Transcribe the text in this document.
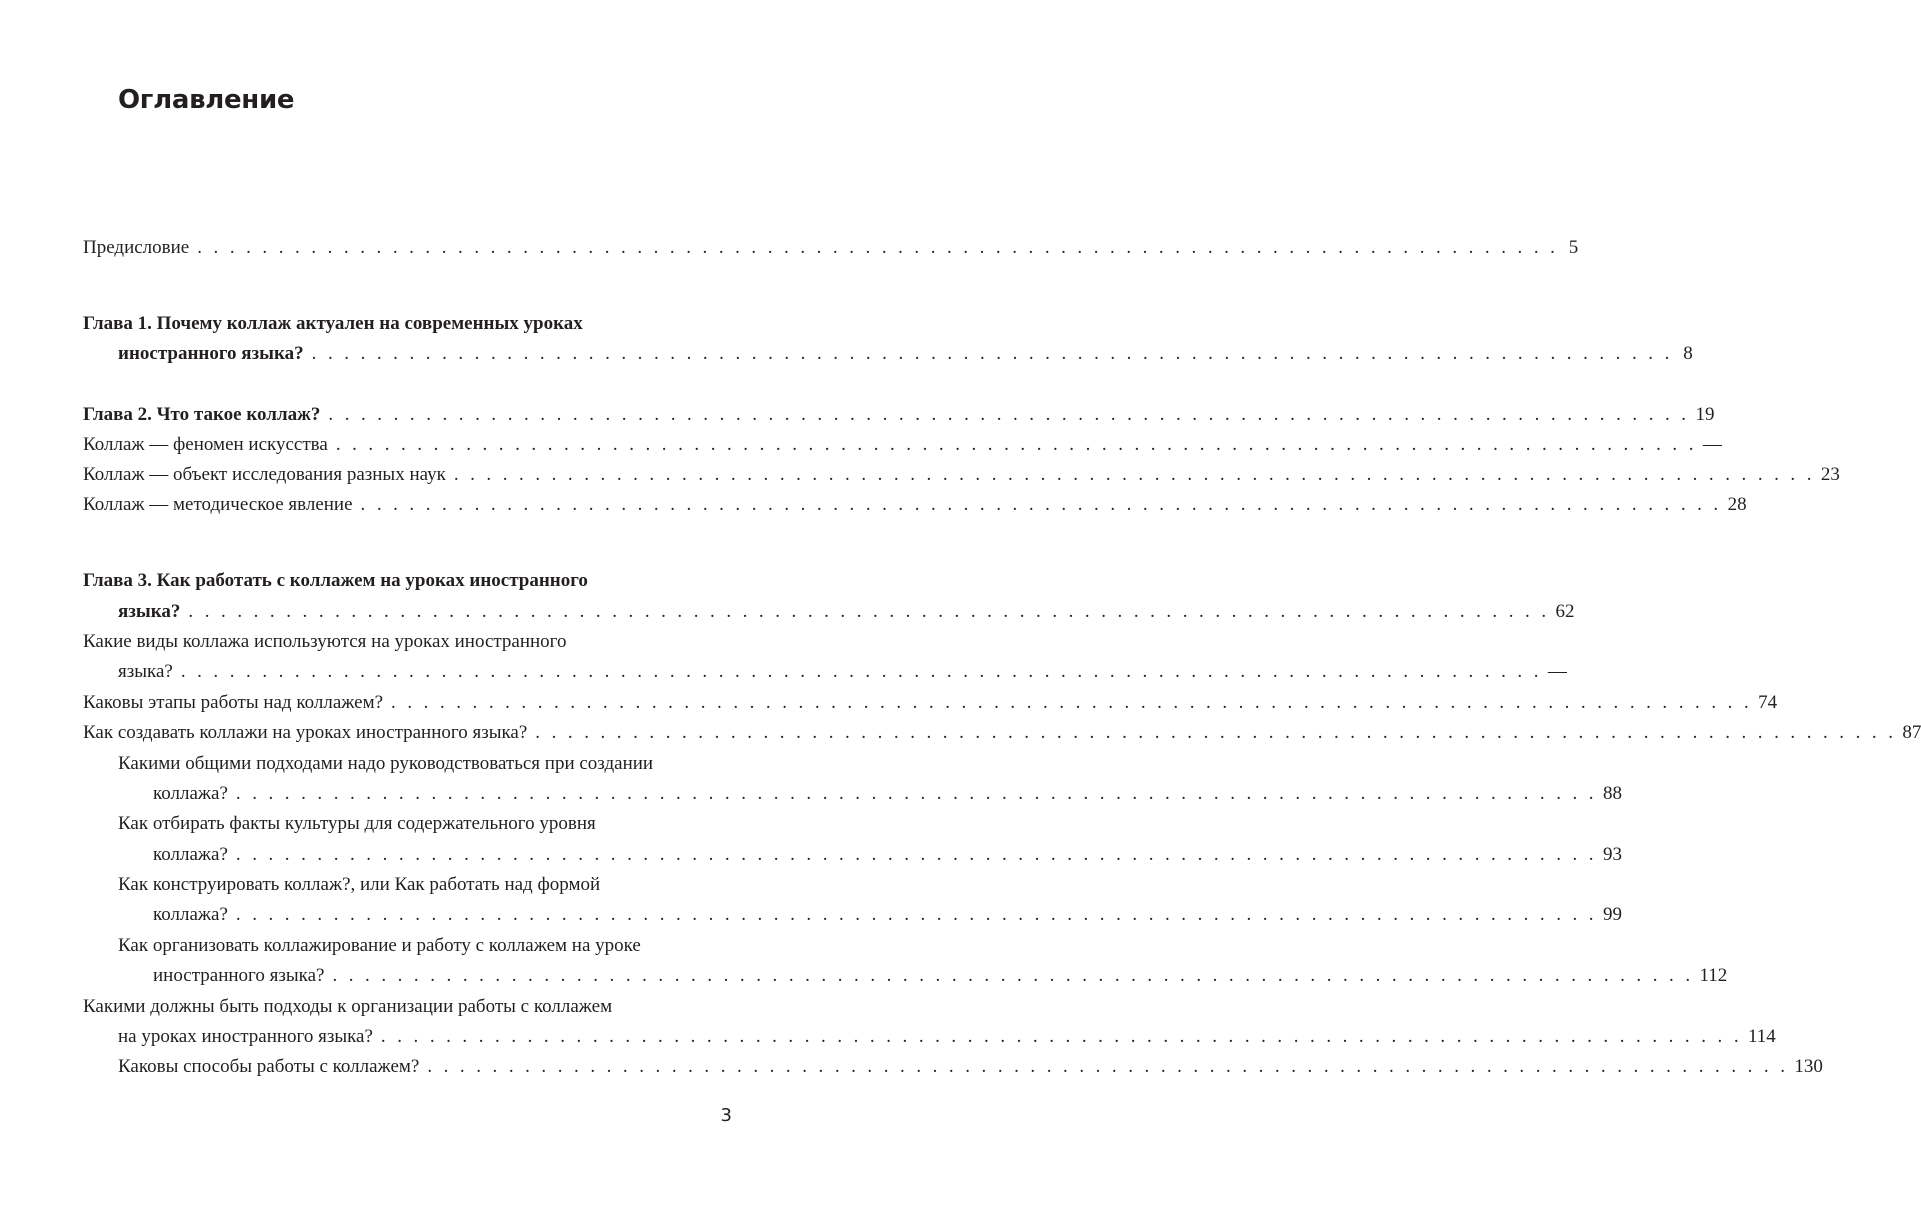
Оглавление
Предисловие . . . . . . . . . . . . . . . . . . . . . . . . . . . . . . . . . . . . . . . . . . . . . . . . . . . . . . . . . . . . . . . . . . . . . . . . . . . . . . . . . . . . 5
Глава 1. Почему коллаж актуален на современных уроках
иностранного языка? . . . . . . . . . . . . . . . . . . . . . . . . . . . . . . . . . . . . . . . . . . . . . . . . . . . . . . . . . . . . . . . . . . . . . . . . . . . . . . . . . . . . 8
Глава 2. Что такое коллаж? . . . . . . . . . . . . . . . . . . . . . . . . . . . . . . . . . . . . . . . . . . . . . . . . . . . . . . . . . . . . . . . . . . . . . . . . . . . . . . . . . . . . 19
Коллаж — феномен искусства . . . . . . . . . . . . . . . . . . . . . . . . . . . . . . . . . . . . . . . . . . . . . . . . . . . . . . . . . . . . . . . . . . . . . . . . . . . . . . . . . . . . —
Коллаж — объект исследования разных наук . . . . . . . . . . . . . . . . . . . . . . . . . . . . . . . . . . . . . . . . . . . . . . . . . . . . . . . . . . . . . . . . . . . . . . . . . . . . . . . . . . . . 23
Коллаж — методическое явление . . . . . . . . . . . . . . . . . . . . . . . . . . . . . . . . . . . . . . . . . . . . . . . . . . . . . . . . . . . . . . . . . . . . . . . . . . . . . . . . . . . . 28
Глава 3. Как работать с коллажем на уроках иностранного
языка? . . . . . . . . . . . . . . . . . . . . . . . . . . . . . . . . . . . . . . . . . . . . . . . . . . . . . . . . . . . . . . . . . . . . . . . . . . . . . . . . . . . . 62
Какие виды коллажа используются на уроках иностранного
языка? . . . . . . . . . . . . . . . . . . . . . . . . . . . . . . . . . . . . . . . . . . . . . . . . . . . . . . . . . . . . . . . . . . . . . . . . . . . . . . . . . . . . —
Каковы этапы работы над коллажем? . . . . . . . . . . . . . . . . . . . . . . . . . . . . . . . . . . . . . . . . . . . . . . . . . . . . . . . . . . . . . . . . . . . . . . . . . . . . . . . . . . . . 74
Как создавать коллажи на уроках иностранного языка? . . . . . . . . . . . . . . . . . . . . . . . . . . . . . . . . . . . . . . . . . . . . . . . . . . . . . . . . . . . . . . . . . . . . . . . . . . . . . . . . . . . . 87
Какими общими подходами надо руководствоваться при создании
коллажа? . . . . . . . . . . . . . . . . . . . . . . . . . . . . . . . . . . . . . . . . . . . . . . . . . . . . . . . . . . . . . . . . . . . . . . . . . . . . . . . . . . . . 88
Как отбирать факты культуры для содержательного уровня
коллажа? . . . . . . . . . . . . . . . . . . . . . . . . . . . . . . . . . . . . . . . . . . . . . . . . . . . . . . . . . . . . . . . . . . . . . . . . . . . . . . . . . . . . 93
Как конструировать коллаж?, или Как работать над формой
коллажа? . . . . . . . . . . . . . . . . . . . . . . . . . . . . . . . . . . . . . . . . . . . . . . . . . . . . . . . . . . . . . . . . . . . . . . . . . . . . . . . . . . . . 99
Как организовать коллажирование и работу с коллажем на уроке
иностранного языка? . . . . . . . . . . . . . . . . . . . . . . . . . . . . . . . . . . . . . . . . . . . . . . . . . . . . . . . . . . . . . . . . . . . . . . . . . . . . . . . . . . . . 112
Какими должны быть подходы к организации работы с коллажем
на уроках иностранного языка? . . . . . . . . . . . . . . . . . . . . . . . . . . . . . . . . . . . . . . . . . . . . . . . . . . . . . . . . . . . . . . . . . . . . . . . . . . . . . . . . . . . . 114
Каковы способы работы с коллажем? . . . . . . . . . . . . . . . . . . . . . . . . . . . . . . . . . . . . . . . . . . . . . . . . . . . . . . . . . . . . . . . . . . . . . . . . . . . . . . . . . . . . 130
3
